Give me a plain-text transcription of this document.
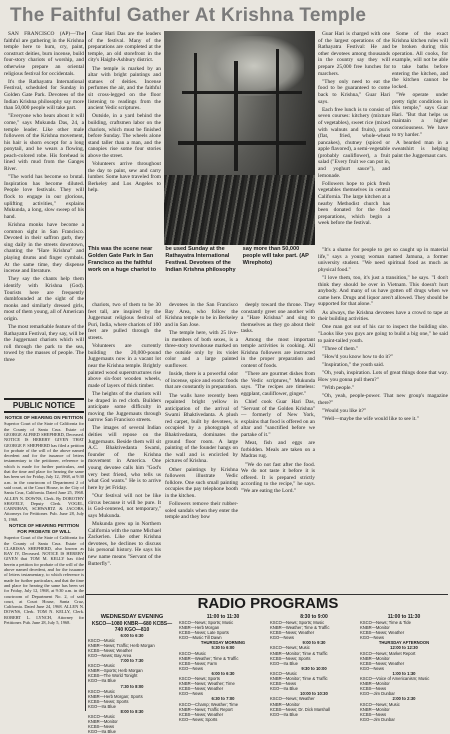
The Faithful Gather At Krishna Temple

SAN FRANCISCO (AP)—The faithful are gathering in the Krishna temple here to hum, cry, paint, construct deities, burn incense, build four-story chariots of worship, and otherwise prepare an oriental religious festival for occidentals.

It's the Rathayatra International Festival, scheduled for Sunday in Golden Gate Park. Devotees of the Indian Krishna philosophy say more than 50,000 people will take part.

"Everyone who hears about it will come," says Mukunda Das, 24, a temple leader. Like other male followers of the Krishna movement, his hair is shorn except for a long ponytail, and he wears a flowing, peach-colored robe. His forehead is lined with mud from the Ganges River.

"The world has become so brutal. Inspiration has become diluted. People love festivals. They will flock to engage in our glorious, uplifting activities," explains Mukunda, a long, slow sweep of his hand.

Krishna monks have become a common sight in San Francisco. Devoted in their saffron garb, they sing daily in the streets downtown, chanting the "Hare Krishna" and playing drums and finger cymbals. At the same time, they dispense incense and literature.

They say the chants help them identify with Krishna (God). Tourists here are frequently dumbfounded at the sight of the monks and similarly dressed girls, most of them young, all of American origin.

The most remarkable feature of the Rathayatra Festival, they say, will be the Juggernaut chariots which will roll through the park to the sea, towed by the masses of people. The three

Guar Hari Das are the leaders of the festival. Many of the preparations are completed at the temple, an old storefront in the city's Haight-Ashbury district.

The temple is marked by an altar with bright paintings and statues of deities. Incense perfumes the air, and the faithful sit cross-legged on the floor listening to readings from the ancient Vedic scriptures.

Outside, in a yard behind the building, craftsmen labor on the chariots, which must be finished before Sunday. The wheels alone stand taller than a man, and the canopies rise some four stories above the street.

Volunteers arrive throughout the day to paint, sew and carry lumber. Some have traveled from Berkeley and Los Angeles to help.

Guar Hari is charged with one of the largest operations of the Rathayatra Festival: He and other devotees among thousands in the country say they will prepare 25,000 free lunches for marchers.

"They only need to eat the food to be guaranteed to come back to Krishna," Guar Hari says.

Each free lunch is to consist of seven courses: kitchery (mixture of vegetables), sweet rice (mixed with walnuts and fruits), puris (flat, fried, whole-wheat pancakes), chutney (spiced or apple flavored), a semi-vegetable (probably cauliflower), a fruit salad ("Every fruit we can put in, and yoghurt sauce"), and lemonade.

Followers hope to pick fresh vegetables themselves in central California. The large kitchen at a nearby Methodist church has been donated for the food preparations, which begin a week before the festival.

Some of the exact Krishna kitchen rules will be broken during this operation. All cooks, for example, will not be able to take baths before entering the kitchen, and the kitchen cannot be locked.

"We operate under pretty tight conditions in this temple," says Guar Hari. "But that helps us maintain a higher consciousness. We have to try harder."

A bearded man in a sweatshirt is helping paint the Juggernaut cars.

This was the scene near Golden Gate Park in San Francisco as the faithful work on a huge chariot to be used Sunday at the Rathayatra International Festival. Devotees of the Indian Krishna philosophy say more than 50,000 people will take part. (AP Wirephoto)

chariots, two of them to be 30 feet tall, are inspired by the Juggernaut religious festival of Puri, India, where chariots of 100 feet are pulled through the streets.

Volunteers are currently building the 20,000-pound Juggernauts now in a vacant lot near the Krishna temple. Brightly painted wood superstructures rise above six-foot wooden wheels, made of layers of thick timber.

The heights of the chariots will be draped in red cloth. Builders anticipate some difficulty in moving the Juggernauts through narrow San Francisco streets.

The images of several Indian deities will repose on the Juggernauts. Beside them will sit A.C. Bhaktivedanta Swami, founder of the Krishna movement in America. One young devotee calls him "God's very best friend, who tells us what God wants." He is to arrive here by jet Friday.

"Our festival will not be like circus because it will be pure. It is God-centered, not temporary," says Mukunda.

Mukunda grew up in Northern California with the name Michael Zackerlen. Like other Krishna devotees, he declines to discuss his personal history. He says his new name means "Servant of the Butterfly".

devotees in the San Francisco Bay Area, who follow the Krishna temple to be in Berkeley and in San Jose.

The temple here, with 25 live-in members of both sexes, is a three-story townhouse marked on the outside only by its violet color and a large painted sunflower.

Inside, there is a powerful odor of incense, spice and exotic foods that are constantly in preparation.

The walls have recently been repainted bright yellow in anticipation of the arrival of Swami Bhaktivedanta. A plush red carpet, built by devotees, is occupied by a photograph of Bhaktivedanta, dominates the ground floor room. A large painting of the founder hangs on the wall and is encircled by pictures of Krishna.

Other paintings by Krishna followers illustrate Vedic folklore. One such small painting occupies the pay telephone booth in the kitchen.

Followers remove their rubber-soled sandals when they enter the temple and they bow

deeply toward the throne. They constantly greet one another with a "Hare Krishna" and sing to themselves as they go about their tasks.

Among the most important temple activities is cooking. All Krishna followers are instructed in the proper preparation and content of foods.

"There are gourmet dishes from the Vedic scriptures," Mukunda says. "The recipes are timeless: eggplant, cauliflower, ginger."

Chief cook Guar Hari Das, "Servant of the Golden Krishna" — formerly of New York, explains that food is offered on an altar and "sanctified before we partake of it."

Meat, fish and eggs are forbidden. Meals are taken on a Madras rug.

"We do not fast after the food. We do not taste it before it is offered. It is prepared strictly according to the recipe," he says. "We are eating the Lord."

"It's a shame for people to get so caught up in material life," says a young woman named Jamuna, a former university student. "We need spiritual food as much as physical food."

"I love them, too, it's just a transition," he says. "I don't think they should be over in Vietnam. This doesn't hurt anybody. And many of us have gotten off drugs when we came here. Drugs and liquor aren't allowed. They should be supported for that alone."

As always, the Krishna devotees have a crowd to tape at their building activities.

One man got out of his car to inspect the building site. "Looks like you guys are going to build a big one," he said to paint-tailed youth.

"Three of them."

"How'd you know how to do it?"

"Inspiration," the youth said.

"Oh, yeah, inspiration. Lots of great things done that way. How you gonna pull them?"

"With people."

"Oh, yeah, people-power. That new group's magazine there?"

"Would you like it?"

"Well—maybe the wife would like to see it."

PUBLIC NOTICE
NOTICE OF HEARING ON PETITION

Superior Court of the State of California for the County of Santa Cruz. Estate of GEORGE ALFRED SHEPHERD, Deceased. NOTICE IS HEREBY GIVEN THAT GEORGE P. SHEPHERD has filed a petition for probate of the will of the above named decedent and for the issuance of letters testamentary to the petitioner, reference to which is made for further particulars, and that the time and place for hearing the same has been set for Friday, July 12, 1968, at 9:30 a.m. in the courtroom of Department 2 of said court, at the Court House, in the City of Santa Cruz, California. Dated June 25, 1968. ALLEN N. DOWNS, Clerk. By DOROTHY SHAVELY, Deputy Clerk. VOGEL, CARNIHAN, SCHWARTZ & JACOBS, Attorneys for Petitioner. Pub. June 28, July 5, 1968.

NOTICE OF HEARING PETITION FOR PROBATE OF WILL

Superior Court of the State of California for the County of Santa Cruz. Estate of CLARISSA SHEPHERD, also known as RAY IV, Deceased. NOTICE IS HEREBY GIVEN that TOM M. KELLY has filed herein a petition for probate of the will of the above named decedent, and for the issuance of letters testamentary, to which reference is made for further particulars, and that the time and place for hearing the same has been set for Friday, July 12, 1968, at 9:30 a.m. in the courtroom of Department No. 2, of said court, at Court House, Santa Cruz, California. Dated June 24, 1968. ALLEN N. DOWNS, Clerk. TOM N. KELLY, Clerk. ROBERT L. LYNCH, Attorney for Petitioner. Pub. June 28, July 5, 1968.

RADIO PROGRAMS
WEDNESDAY EVENING
KSCO—1080 KNBR—680 KCBS—740 KGO—810
6:00 to 6:30
KSCO—Music
KNBR—News; Traffic; Herb Morgan
KCBS—News; Weather
KGO—News; Bay Area
7:00 to 7:30
KSCO—Music
KNBR—Sports; Herb Morgan
KCBS—The World Tonight
KGO—Ira Blue
7:30 to 8:00
KSCO—Music
KNBR—Herb Morgan; Sports
KCBS—News; Sports
KGO—Ira Blue
8:00 to 8:30
KSCO—Music
KNBR—Monitor
KCBS—News
KGO—Ira Blue
11:00 to 11:30
KSCO—News; Sports; Music
KNBR—Herb Morgan
KCBS—News; Late Sports
KGO—Music Till Dawn
THURSDAY MORNING
5:30 to 6:00
KSCO—Music
KNBR—Weather; Time & Traffic
KCBS—News; Farm
KGO—News
6:00 to 6:30
KSCO—News; Sports
KNBR—News; Weather; Time
KCBS—News; Weather
KGO—News
6:30 to 7:00
KSCO—Champ; Weather; Time
KNBR—News; Traffic Report
KCBS—News; Weather
KGO—News; Sports
8:30 to 9:00
KSCO—News; Sports; Music
KNBR—Weather; Time & Traffic
KCBS—News; Weather
KGO—News
9:00 to 9:30
KSCO—News; Music
KNBR—Monitor; Time & Traffic
KCBS—News; Sports
KGO—Ira Blue
9:30 to 10:00
KSCO—Music
KNBR—Monitor; Time & Traffic
KCBS—News
KGO—Ira Blue
10:00 to 10:30
KSCO—News; Weather
KNBR—Monitor
KCBS—News; Dr. Dick Marshall
KGO—Ira Blue
11:00 to 11:30
KSCO—News; Time & Tide
KNBR—Monitor
KCBS—News; Weather
KGO—News
THURSDAY AFTERNOON
12:00 to 12:30
KSCO—News; Market Report
KNBR—Monitor
KCBS—News; Weather
KGO—News
1:00 to 1:30
KSCO—Voice of Americanism; Music
KNBR—Monitor
KCBS—News
KGO—Jim Dunbar
2:00 to 2:30
KSCO—News; Music
KNBR—Monitor
KCBS—News
KGO—Jim Dunbar
